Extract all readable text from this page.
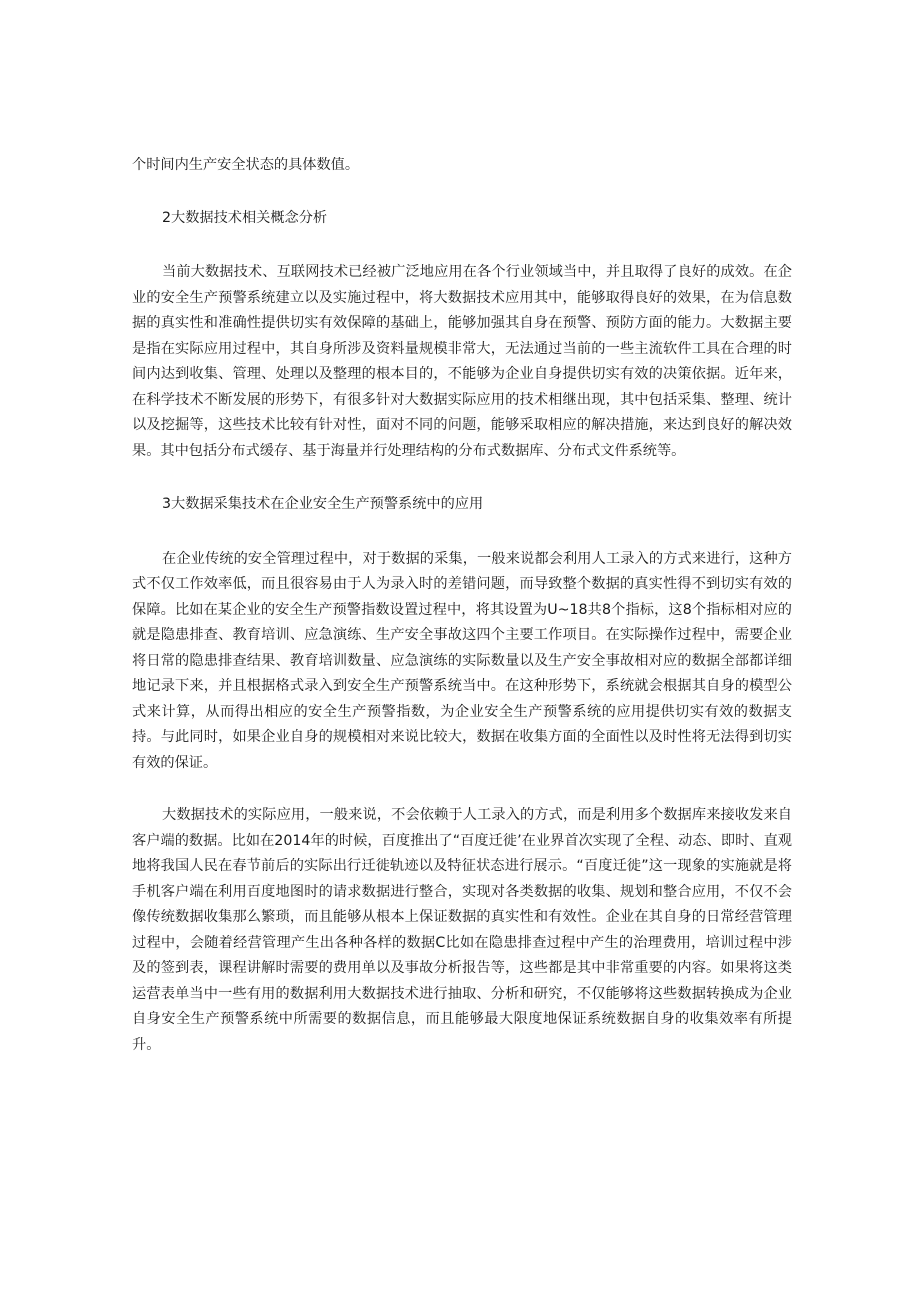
个时间内生产安全状态的具体数值。

2大数据技术相关概念分析

当前大数据技术、互联网技术已经被广泛地应用在各个行业领域当中，并且取得了良好的成效。在企业的安全生产预警系统建立以及实施过程中，将大数据技术应用其中，能够取得良好的效果，在为信息数据的真实性和准确性提供切实有效保障的基础上，能够加强其自身在预警、预防方面的能力。大数据主要是指在实际应用过程中，其自身所涉及资料量规模非常大，无法通过当前的一些主流软件工具在合理的时间内达到收集、管理、处理以及整理的根本目的，不能够为企业自身提供切实有效的决策依据。近年来，在科学技术不断发展的形势下，有很多针对大数据实际应用的技术相继出现，其中包括采集、整理、统计以及挖掘等，这些技术比较有针对性，面对不同的问题，能够采取相应的解决措施，来达到良好的解决效果。其中包括分布式缓存、基于海量并行处理结构的分布式数据库、分布式文件系统等。

3大数据采集技术在企业安全生产预警系统中的应用

在企业传统的安全管理过程中，对于数据的采集，一般来说都会利用人工录入的方式来进行，这种方式不仅工作效率低，而且很容易由于人为录入时的差错问题，而导致整个数据的真实性得不到切实有效的保障。比如在某企业的安全生产预警指数设置过程中，将其设置为U~18共8个指标，这8个指标相对应的就是隐患排查、教育培训、应急演练、生产安全事故这四个主要工作项目。在实际操作过程中，需要企业将日常的隐患排查结果、教育培训数量、应急演练的实际数量以及生产安全事故相对应的数据全部都详细地记录下来，并且根据格式录入到安全生产预警系统当中。在这种形势下，系统就会根据其自身的模型公式来计算，从而得出相应的安全生产预警指数，为企业安全生产预警系统的应用提供切实有效的数据支持。与此同时，如果企业自身的规模相对来说比较大，数据在收集方面的全面性以及时性将无法得到切实有效的保证。

大数据技术的实际应用，一般来说，不会依赖于人工录入的方式，而是利用多个数据库来接收发来自客户端的数据。比如在2014年的时候，百度推出了“百度迁徙’在业界首次实现了全程、动态、即时、直观地将我国人民在春节前后的实际出行迁徙轨迹以及特征状态进行展示。“百度迁徙”这一现象的实施就是将手机客户端在利用百度地图时的请求数据进行整合，实现对各类数据的收集、规划和整合应用，不仅不会像传统数据收集那么繁琐，而且能够从根本上保证数据的真实性和有效性。企业在其自身的日常经营管理过程中，会随着经营管理产生出各种各样的数据C比如在隐患排查过程中产生的治理费用，培训过程中涉及的签到表，课程讲解时需要的费用单以及事故分析报告等，这些都是其中非常重要的内容。如果将这类运营表单当中一些有用的数据利用大数据技术进行抽取、分析和研究，不仅能够将这些数据转换成为企业自身安全生产预警系统中所需要的数据信息，而且能够最大限度地保证系统数据自身的收集效率有所提升。
